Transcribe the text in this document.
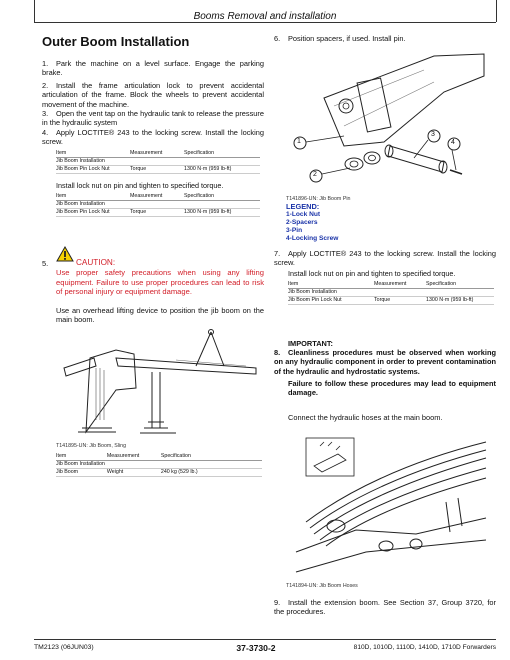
Booms Removal and installation
Outer Boom Installation
1. Park the machine on a level surface. Engage the parking brake.
2. Install the frame articulation lock to prevent accidental articulation of the frame. Block the wheels to prevent accidental movement of the machine.
3. Open the vent tap on the hydraulic tank to release the pressure in the hydraulic system
4. Apply LOCTITE® 243 to the locking screw. Install the locking screw.
Item	Measurement	Specification
Jib Boom Installation		
Jib Boom Pin Lock Nut	Torque	1300 N·m (959 lb-ft)
Install lock nut on pin and tighten to specified torque.
Item	Measurement	Specification
Jib Boom Installation		
Jib Boom Pin Lock Nut	Torque	1300 N·m (959 lb-ft)
5.	CAUTION:
Use proper safety precautions when using any lifting equipment. Failure to use proper procedures can lead to risk of personal injury or equipment damage.
Use an overhead lifting device to position the jib boom on the main boom.
T141895-UN: Jib Boom, Sling
Item	Measurement	Specification
Jib Boom Installation		
Jib Boom	Weight	240 kg (529 lb.)
6. Position spacers, if used. Install pin.
1
2
3
4
T141896-UN: Jib Boom Pin
LEGEND:
1-Lock Nut
2-Spacers
3-Pin
4-Locking Screw
7. Apply LOCTITE® 243 to the locking screw. Install the locking screw.
Install lock nut on pin and tighten to specified torque.
Item	Measurement	Specification
Jib Boom Installation		
Jib Boom Pin Lock Nut	Torque	1300 N·m (959 lb-ft)
IMPORTANT:
8. Cleanliness procedures must be observed when working on any hydraulic component in order to prevent contamination of the hydraulic and hydrostatic systems.
Failure to follow these procedures may lead to equipment damage.
Connect the hydraulic hoses at the main boom.
T141894-UN: Jib Boom Hoses
9. Install the extension boom. See Section 37, Group 3720, for the procedures.
TM2123 (06JUN03)	37-3730-2	810D, 1010D, 1110D, 1410D, 1710D Forwarders
